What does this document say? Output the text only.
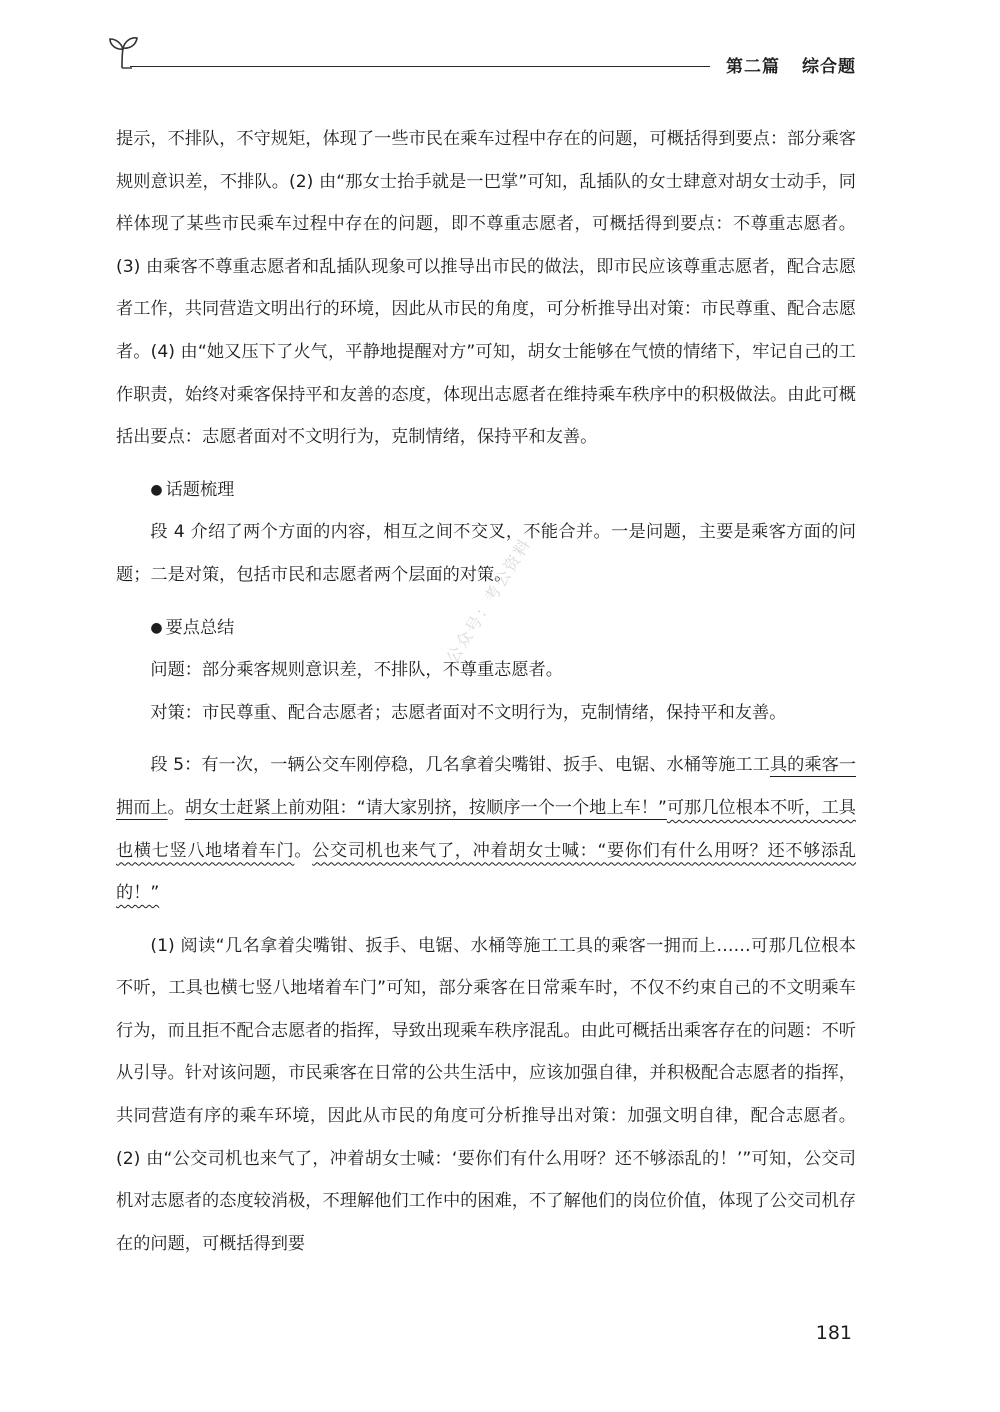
第二篇 综合题

提示，不排队，不守规矩，体现了一些市民在乘车过程中存在的问题，可概括得到要点：部分乘客规则意识差，不排队。(2) 由“那女士抬手就是一巴掌”可知，乱插队的女士肆意对胡女士动手，同样体现了某些市民乘车过程中存在的问题，即不尊重志愿者，可概括得到要点：不尊重志愿者。(3) 由乘客不尊重志愿者和乱插队现象可以推导出市民的做法，即市民应该尊重志愿者，配合志愿者工作，共同营造文明出行的环境，因此从市民的角度，可分析推导出对策：市民尊重、配合志愿者。(4) 由“她又压下了火气，平静地提醒对方”可知，胡女士能够在气愤的情绪下，牢记自己的工作职责，始终对乘客保持平和友善的态度，体现出志愿者在维持乘车秩序中的积极做法。由此可概括出要点：志愿者面对不文明行为，克制情绪，保持平和友善。

● 话题梳理

段 4 介绍了两个方面的内容，相互之间不交叉，不能合并。一是问题，主要是乘客方面的问题；二是对策，包括市民和志愿者两个层面的对策。

● 要点总结

问题：部分乘客规则意识差，不排队，不尊重志愿者。

对策：市民尊重、配合志愿者；志愿者面对不文明行为，克制情绪，保持平和友善。

段 5：有一次，一辆公交车刚停稳，几名拿着尖嘴钳、扳手、电锯、水桶等施工工具的乘客一拥而上。胡女士赶紧上前劝阻：“请大家别挤，按顺序一个一个地上车！”可那几位根本不听，工具也横七竖八地堵着车门。公交司机也来气了，冲着胡女士喊：“要你们有什么用呀？还不够添乱的！”

(1) 阅读“几名拿着尖嘴钳、扳手、电锯、水桶等施工工具的乘客一拥而上……可那几位根本不听，工具也横七竖八地堵着车门”可知，部分乘客在日常乘车时，不仅不约束自己的不文明乘车行为，而且拒不配合志愿者的指挥，导致出现乘车秩序混乱。由此可概括出乘客存在的问题：不听从引导。针对该问题，市民乘客在日常的公共生活中，应该加强自律，并积极配合志愿者的指挥，共同营造有序的乘车环境，因此从市民的角度可分析推导出对策：加强文明自律，配合志愿者。(2) 由“公交司机也来气了，冲着胡女士喊：‘要你们有什么用呀？还不够添乱的！’”可知，公交司机对志愿者的态度较消极，不理解他们工作中的困难，不了解他们的岗位价值，体现了公交司机存在的问题，可概括得到要

公众号：考公资料
181
